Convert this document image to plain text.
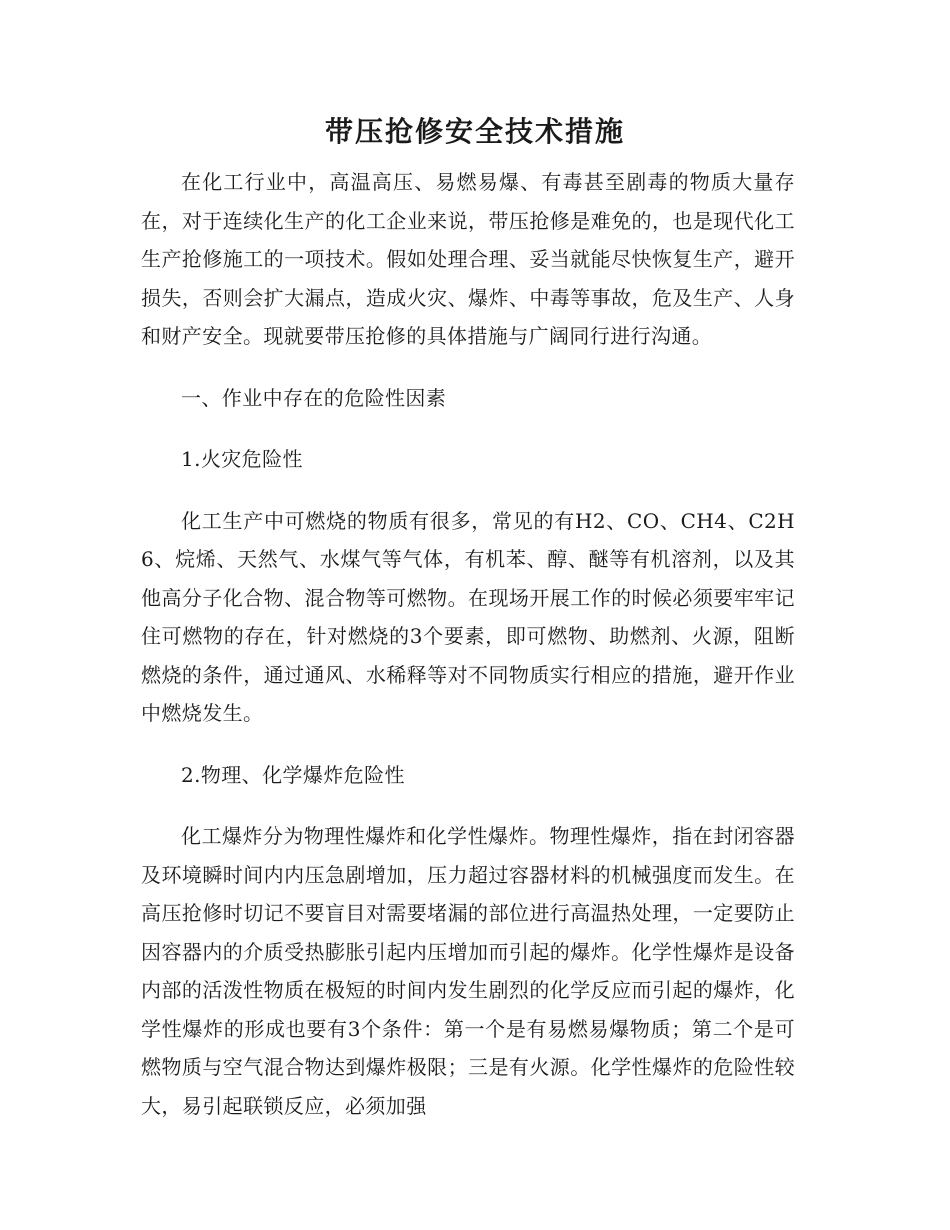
带压抢修安全技术措施

在化工行业中，高温高压、易燃易爆、有毒甚至剧毒的物质大量存在，对于连续化生产的化工企业来说，带压抢修是难免的，也是现代化工生产抢修施工的一项技术。假如处理合理、妥当就能尽快恢复生产，避开损失，否则会扩大漏点，造成火灾、爆炸、中毒等事故，危及生产、人身和财产安全。现就要带压抢修的具体措施与广阔同行进行沟通。

一、作业中存在的危险性因素

1.火灾危险性

化工生产中可燃烧的物质有很多，常见的有H2、CO、CH4、C2H6、烷烯、天然气、水煤气等气体，有机苯、醇、醚等有机溶剂，以及其他高分子化合物、混合物等可燃物。在现场开展工作的时候必须要牢牢记住可燃物的存在，针对燃烧的3个要素，即可燃物、助燃剂、火源，阻断燃烧的条件，通过通风、水稀释等对不同物质实行相应的措施，避开作业中燃烧发生。

2.物理、化学爆炸危险性

化工爆炸分为物理性爆炸和化学性爆炸。物理性爆炸，指在封闭容器及环境瞬时间内内压急剧增加，压力超过容器材料的机械强度而发生。在高压抢修时切记不要盲目对需要堵漏的部位进行高温热处理，一定要防止因容器内的介质受热膨胀引起内压增加而引起的爆炸。化学性爆炸是设备内部的活泼性物质在极短的时间内发生剧烈的化学反应而引起的爆炸，化学性爆炸的形成也要有3个条件：第一个是有易燃易爆物质；第二个是可燃物质与空气混合物达到爆炸极限；三是有火源。化学性爆炸的危险性较大，易引起联锁反应，必须加强
